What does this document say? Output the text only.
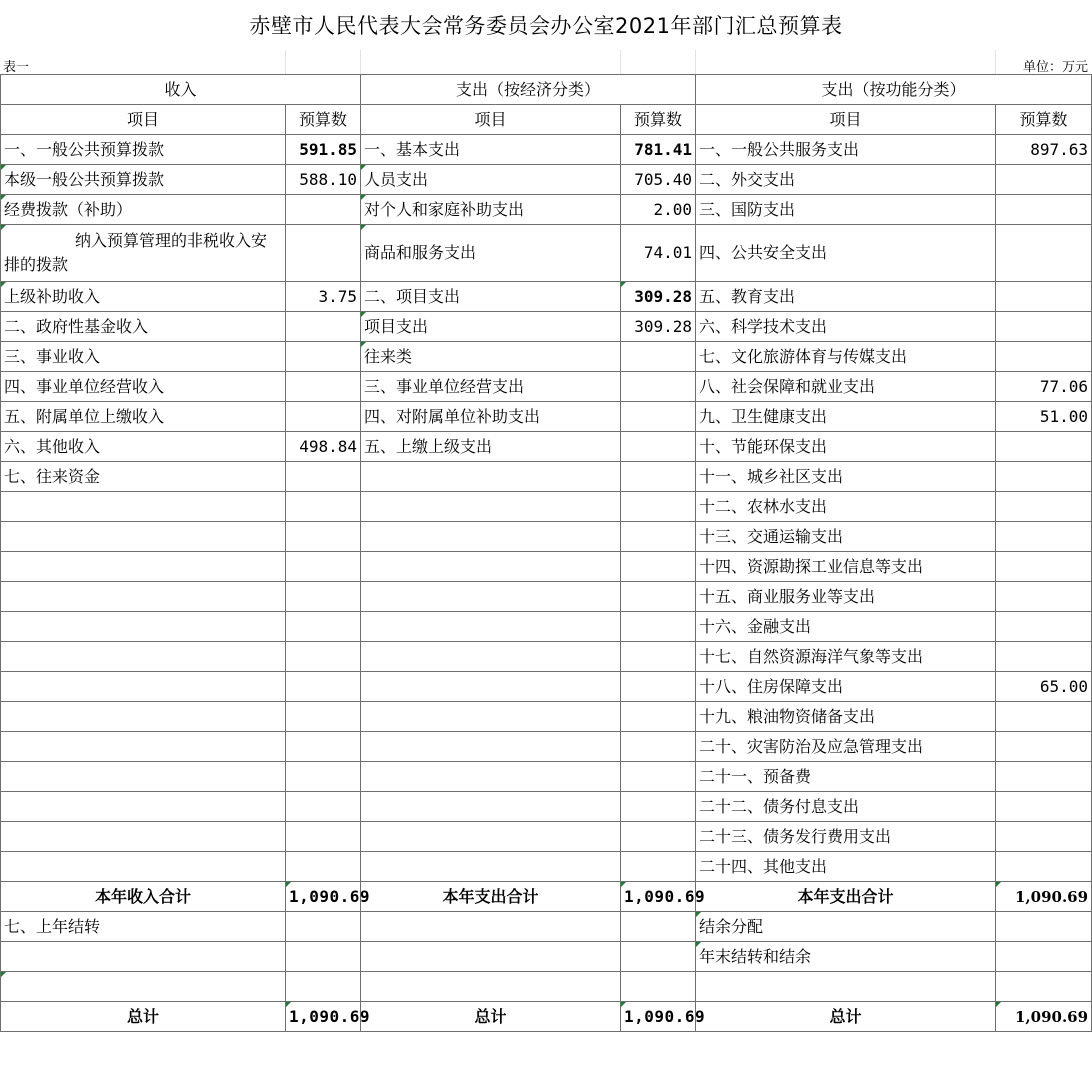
赤壁市人民代表大会常务委员会办公室2021年部门汇总预算表
表一	单位：万元
收入		支出（按经济分类）		支出（按功能分类）	
项目	预算数	项目	预算数	项目	预算数
一、一般公共预算拨款	591.85	一、基本支出	781.41	一、一般公共服务支出	897.63
本级一般公共预算拨款	588.10	人员支出	705.40	二、外交支出	
经费拨款（补助）		对个人和家庭补助支出	2.00	三、国防支出	
纳入预算管理的非税收入安排的拨款		商品和服务支出	74.01	四、公共安全支出	
上级补助收入	3.75	二、项目支出	309.28	五、教育支出	
二、政府性基金收入		项目支出	309.28	六、科学技术支出	
三、事业收入		往来类		七、文化旅游体育与传媒支出	
四、事业单位经营收入		三、事业单位经营支出		八、社会保障和就业支出	77.06
五、附属单位上缴收入		四、对附属单位补助支出		九、卫生健康支出	51.00
六、其他收入	498.84	五、上缴上级支出		十、节能环保支出	
七、往来资金				十一、城乡社区支出	
				十二、农林水支出	
				十三、交通运输支出	
				十四、资源勘探工业信息等支出	
				十五、商业服务业等支出	
				十六、金融支出	
				十七、自然资源海洋气象等支出	
				十八、住房保障支出	65.00
				十九、粮油物资储备支出	
				二十、灾害防治及应急管理支出	
				二十一、预备费	
				二十二、债务付息支出	
				二十三、债务发行费用支出	
				二十四、其他支出	
本年收入合计	1,090.69	本年支出合计	1,090.69	本年支出合计	1,090.69
七、上年结转				结余分配	
				年末结转和结余	

总计	1,090.69	总计	1,090.69	总计	1,090.69
